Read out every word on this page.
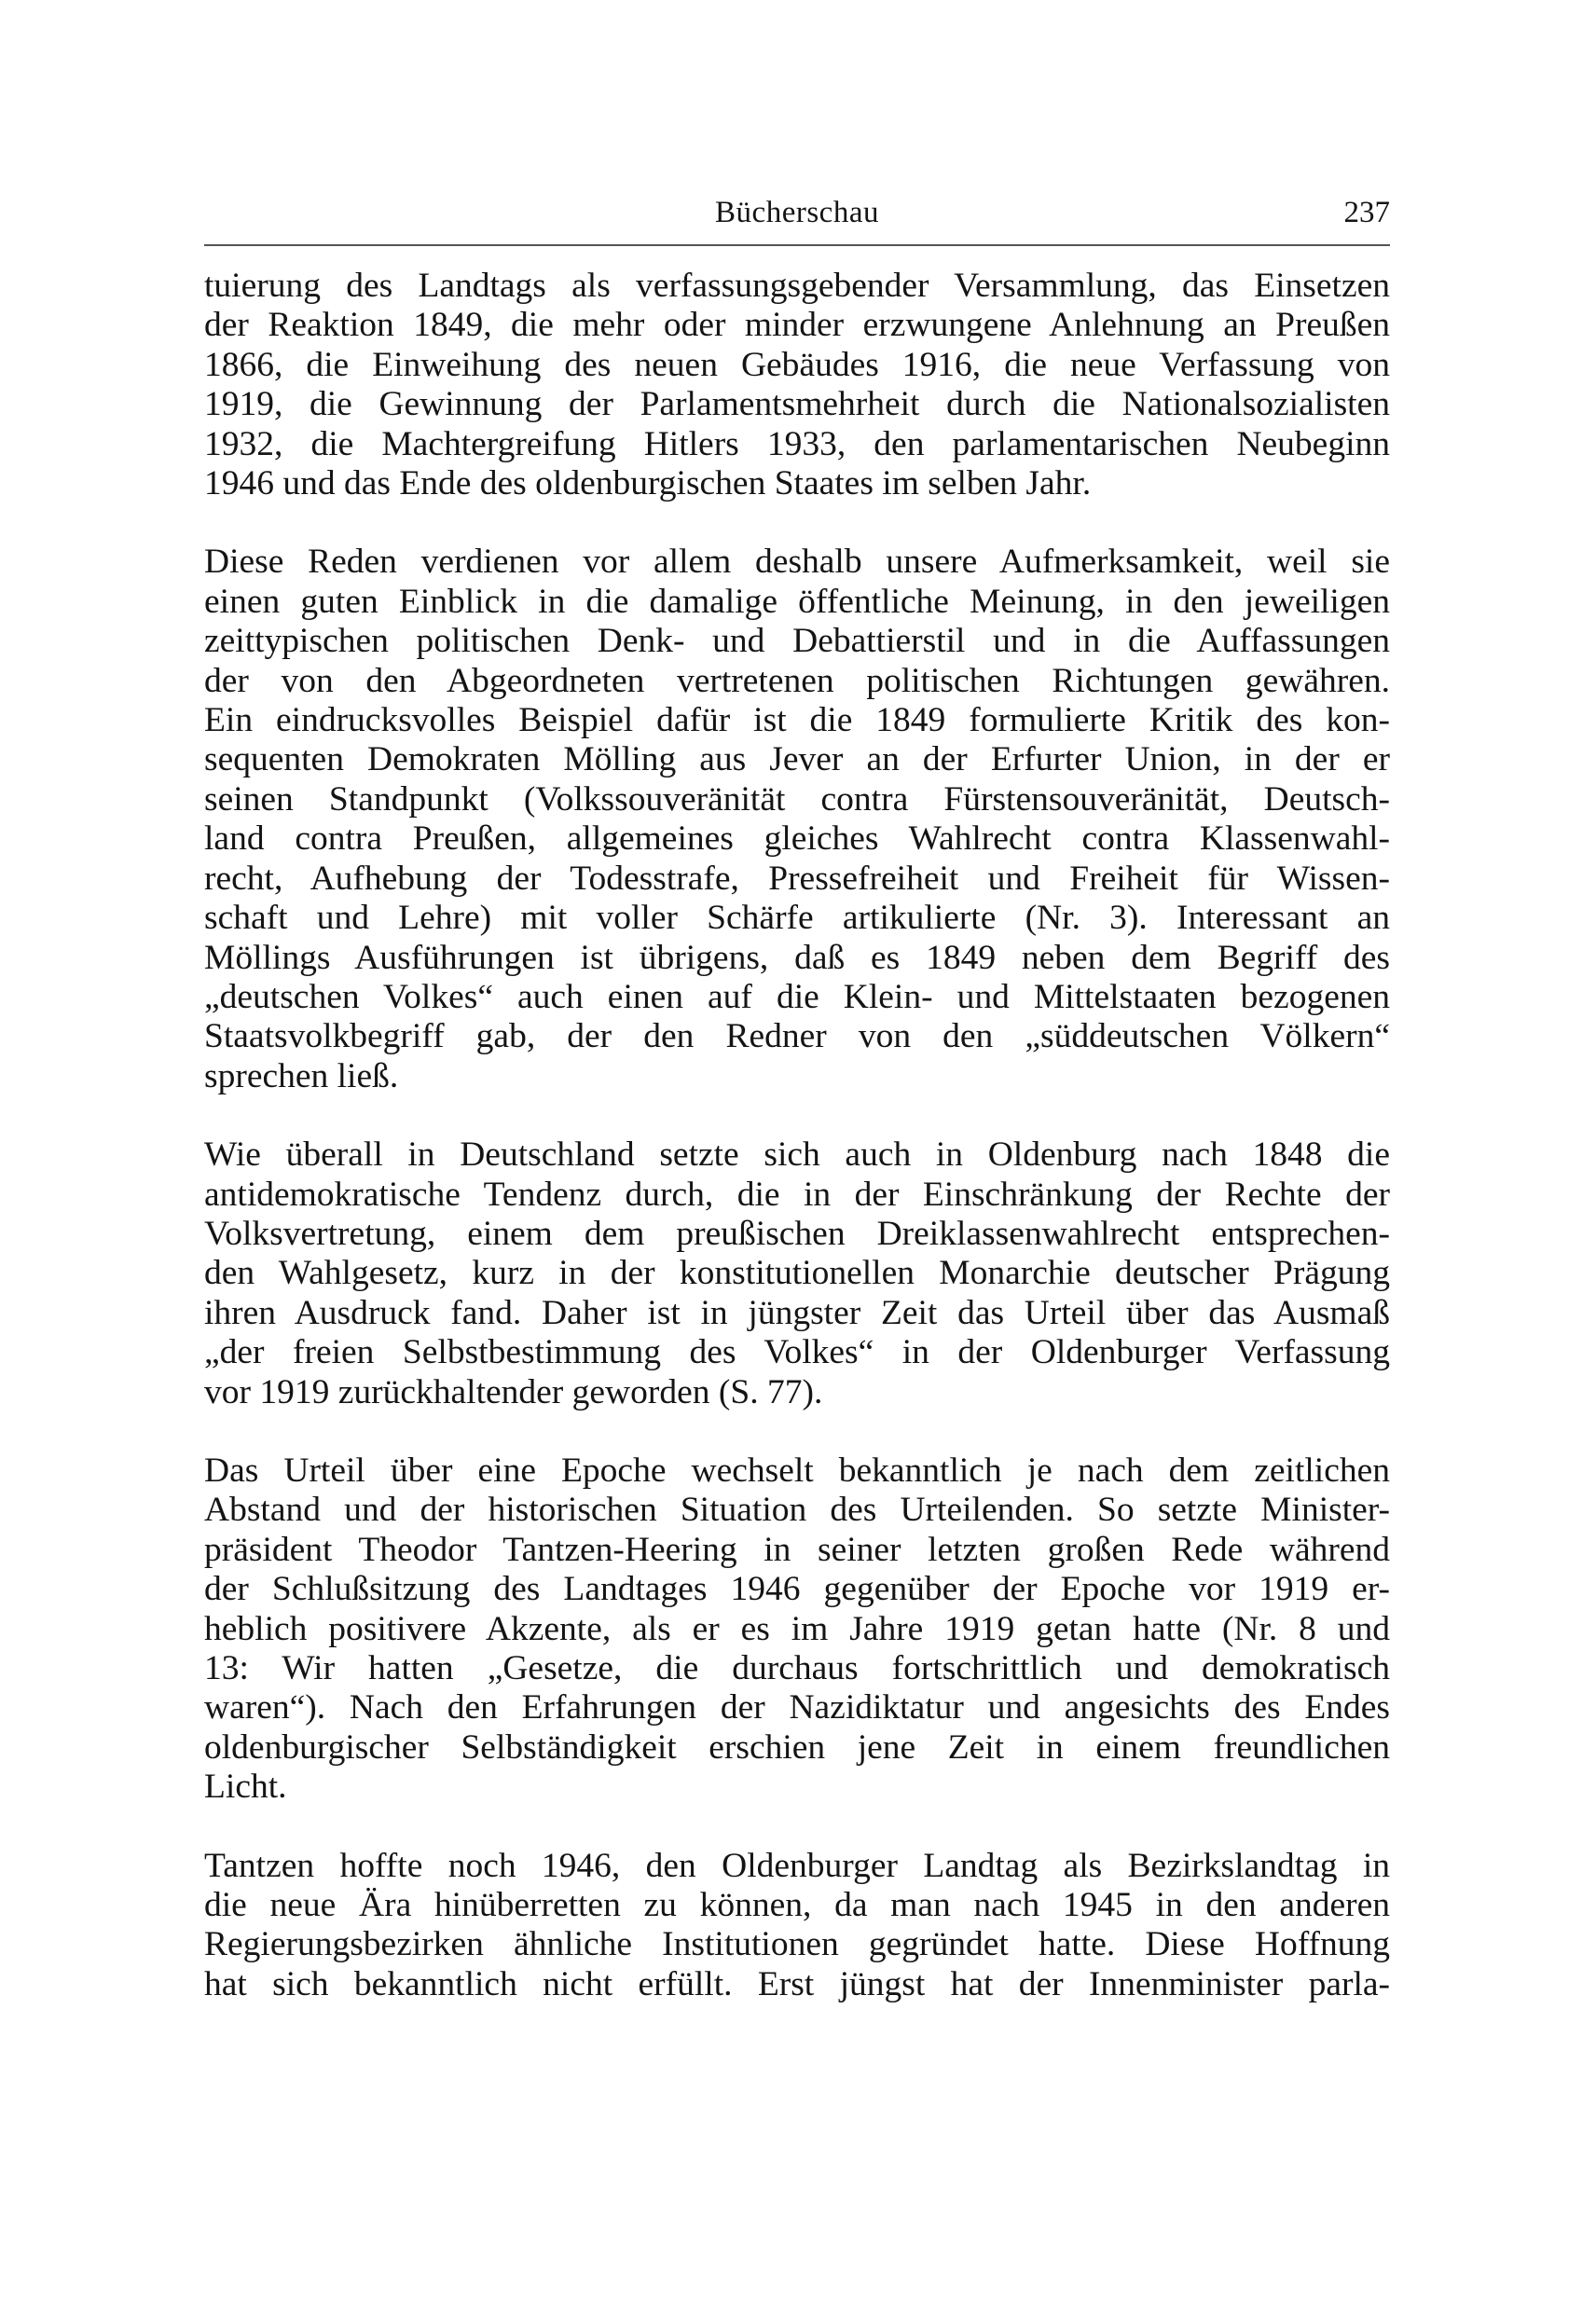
Bücherschau	237
tuierung des Landtags als verfassungsgebender Versammlung, das Einsetzen
der Reaktion 1849, die mehr oder minder erzwungene Anlehnung an Preußen
1866, die Einweihung des neuen Gebäudes 1916, die neue Verfassung von
1919, die Gewinnung der Parlamentsmehrheit durch die Nationalsozialisten
1932, die Machtergreifung Hitlers 1933, den parlamentarischen Neubeginn
1946 und das Ende des oldenburgischen Staates im selben Jahr.
Diese Reden verdienen vor allem deshalb unsere Aufmerksamkeit, weil sie
einen guten Einblick in die damalige öffentliche Meinung, in den jeweiligen
zeittypischen politischen Denk- und Debattierstil und in die Auffassungen
der von den Abgeordneten vertretenen politischen Richtungen gewähren.
Ein eindrucksvolles Beispiel dafür ist die 1849 formulierte Kritik des kon-
sequenten Demokraten Mölling aus Jever an der Erfurter Union, in der er
seinen Standpunkt (Volkssouveränität contra Fürstensouveränität, Deutsch-
land contra Preußen, allgemeines gleiches Wahlrecht contra Klassenwahl-
recht, Aufhebung der Todesstrafe, Pressefreiheit und Freiheit für Wissen-
schaft und Lehre) mit voller Schärfe artikulierte (Nr. 3). Interessant an
Möllings Ausführungen ist übrigens, daß es 1849 neben dem Begriff des
„deutschen Volkes“ auch einen auf die Klein- und Mittelstaaten bezogenen
Staatsvolkbegriff gab, der den Redner von den „süddeutschen Völkern“
sprechen ließ.
Wie überall in Deutschland setzte sich auch in Oldenburg nach 1848 die
antidemokratische Tendenz durch, die in der Einschränkung der Rechte der
Volksvertretung, einem dem preußischen Dreiklassenwahlrecht entsprechen-
den Wahlgesetz, kurz in der konstitutionellen Monarchie deutscher Prägung
ihren Ausdruck fand. Daher ist in jüngster Zeit das Urteil über das Ausmaß
„der freien Selbstbestimmung des Volkes“ in der Oldenburger Verfassung
vor 1919 zurückhaltender geworden (S. 77).
Das Urteil über eine Epoche wechselt bekanntlich je nach dem zeitlichen
Abstand und der historischen Situation des Urteilenden. So setzte Minister-
präsident Theodor Tantzen-Heering in seiner letzten großen Rede während
der Schlußsitzung des Landtages 1946 gegenüber der Epoche vor 1919 er-
heblich positivere Akzente, als er es im Jahre 1919 getan hatte (Nr. 8 und
13: Wir hatten „Gesetze, die durchaus fortschrittlich und demokratisch
waren“). Nach den Erfahrungen der Nazidiktatur und angesichts des Endes
oldenburgischer Selbständigkeit erschien jene Zeit in einem freundlichen
Licht.
Tantzen hoffte noch 1946, den Oldenburger Landtag als Bezirkslandtag in
die neue Ära hinüberretten zu können, da man nach 1945 in den anderen
Regierungsbezirken ähnliche Institutionen gegründet hatte. Diese Hoffnung
hat sich bekanntlich nicht erfüllt. Erst jüngst hat der Innenminister parla-
